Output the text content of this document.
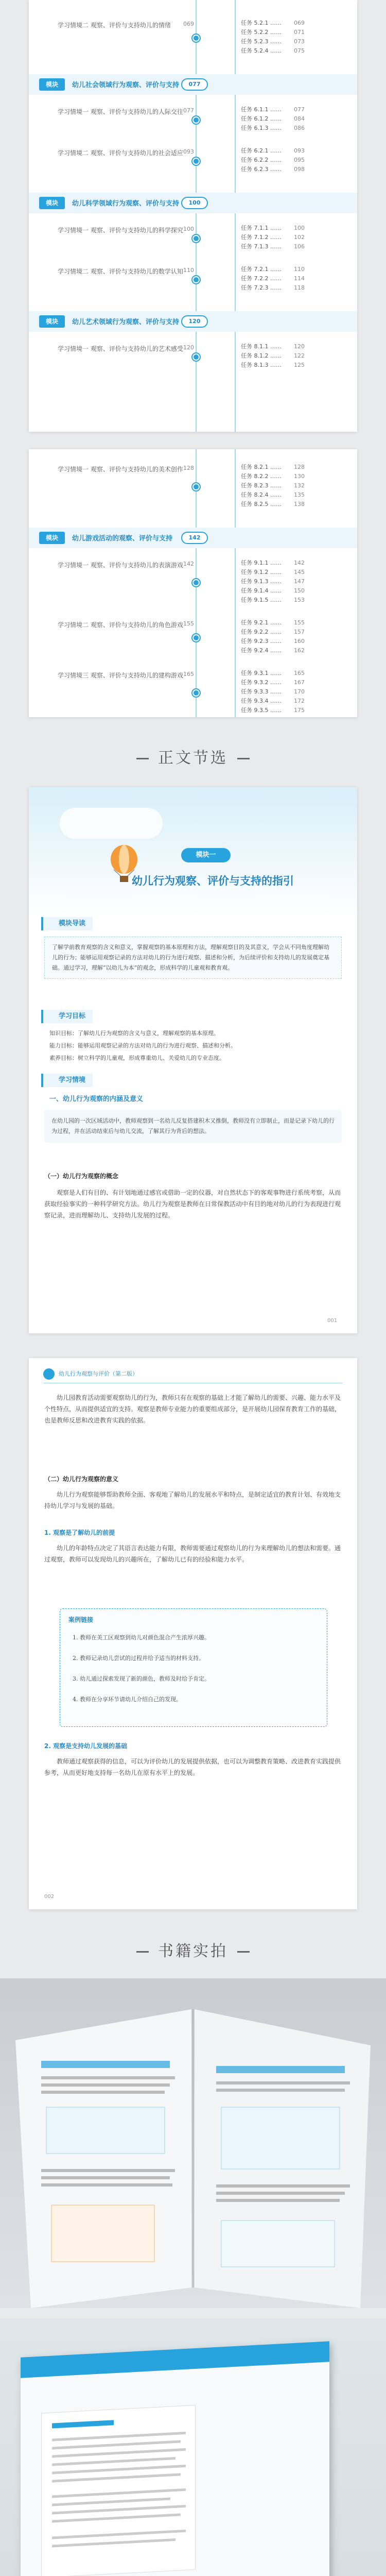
学习情境二 观察、评价与支持幼儿的情绪 069	任务 5.2.1 …… 069
任务 5.2.2 …… 071
任务 5.2.3 …… 073
任务 5.2.4 …… 075
模块	幼儿社会领域行为观察、评价与支持	077
学习情境一 观察、评价与支持幼儿的人际交往 077	任务 6.1.1 …… 077
任务 6.1.2 …… 084
任务 6.1.3 …… 086
学习情境二 观察、评价与支持幼儿的社会适应 093	任务 6.2.1 …… 093
任务 6.2.2 …… 095
任务 6.2.3 …… 098
模块	幼儿科学领域行为观察、评价与支持	100
学习情境一 观察、评价与支持幼儿的科学探究 100	任务 7.1.1 …… 100
任务 7.1.2 …… 102
任务 7.1.3 …… 106
学习情境二 观察、评价与支持幼儿的数学认知 110	任务 7.2.1 …… 110
任务 7.2.2 …… 114
任务 7.2.3 …… 118
模块	幼儿艺术领域行为观察、评价与支持	120
学习情境一 观察、评价与支持幼儿的艺术感受 120	任务 8.1.1 …… 120
任务 8.1.2 …… 122
任务 8.1.3 …… 125
学习情境一 观察、评价与支持幼儿的美术创作 128	任务 8.2.1 …… 128
任务 8.2.2 …… 130
任务 8.2.3 …… 132
任务 8.2.4 …… 135
任务 8.2.5 …… 138
模块	幼儿游戏活动的观察、评价与支持	142
学习情境一 观察、评价与支持幼儿的表演游戏 142	任务 9.1.1 …… 142
任务 9.1.2 …… 145
任务 9.1.3 …… 147
任务 9.1.4 …… 150
任务 9.1.5 …… 153
学习情境二 观察、评价与支持幼儿的角色游戏 155	任务 9.2.1 …… 155
任务 9.2.2 …… 157
任务 9.2.3 …… 160
任务 9.2.4 …… 162
学习情境三 观察、评价与支持幼儿的建构游戏 165	任务 9.3.1 …… 165
任务 9.3.2 …… 167
任务 9.3.3 …… 170
任务 9.3.4 …… 172
任务 9.3.5 …… 175
正文节选
模块一
幼儿行为观察、评价与支持的指引
模块导读
了解学前教育观察的含义和意义，掌握观察的基本原理和方法，理解观察目的及其意义，学会从不同角度理解幼儿的行为；能够运用观察记录的方法对幼儿的行为进行观察、描述和分析，为后续评价和支持幼儿的发展奠定基础。通过学习，理解“以幼儿为本”的观念，形成科学的儿童观和教育观。
学习目标
知识目标：了解幼儿行为观察的含义与意义，理解观察的基本原理。
能力目标：能够运用观察记录的方法对幼儿的行为进行观察、描述和分析。
素养目标：树立科学的儿童观，形成尊重幼儿、关爱幼儿的专业态度。
学习情境
一、幼儿行为观察的内涵及意义
在幼儿园的一次区域活动中，教师观察到一名幼儿反复搭建积木又推倒，教师没有立即制止，而是记录下幼儿的行为过程，并在活动结束后与幼儿交流，了解其行为背后的想法。
（一）幼儿行为观察的概念
观察是人们有目的、有计划地通过感官或借助一定的仪器，对自然状态下的客观事物进行系统考察，从而获取经验事实的一种科学研究方法。幼儿行为观察是教师在日常保教活动中有目的地对幼儿的行为表现进行观察记录，进而理解幼儿、支持幼儿发展的过程。
001
幼儿行为观察与评价（第二版）
幼儿园教育活动需要观察幼儿的行为，教师只有在观察的基础上才能了解幼儿的需要、兴趣、能力水平及个性特点，从而提供适宜的支持。观察是教师专业能力的重要组成部分，是开展幼儿园保育教育工作的基础，也是教师反思和改进教育实践的依据。
（二）幼儿行为观察的意义
幼儿行为观察能够帮助教师全面、客观地了解幼儿的发展水平和特点，是制定适宜的教育计划、有效地支持幼儿学习与发展的基础。
1. 观察是了解幼儿的前提
幼儿的年龄特点决定了其语言表达能力有限，教师需要通过观察幼儿的行为来理解幼儿的想法和需要。通过观察，教师可以发现幼儿的兴趣所在，了解幼儿已有的经验和能力水平。
案例链接
1. 教师在美工区观察到幼儿对颜色混合产生浓厚兴趣。
2. 教师记录幼儿尝试的过程并给予适当的材料支持。
3. 幼儿通过探索发现了新的颜色，教师及时给予肯定。
4. 教师在分享环节请幼儿介绍自己的发现。
2. 观察是支持幼儿发展的基础
教师通过观察获得的信息，可以为评价幼儿的发展提供依据，也可以为调整教育策略、改进教育实践提供参考，从而更好地支持每一名幼儿在原有水平上的发展。
002
书籍实拍
